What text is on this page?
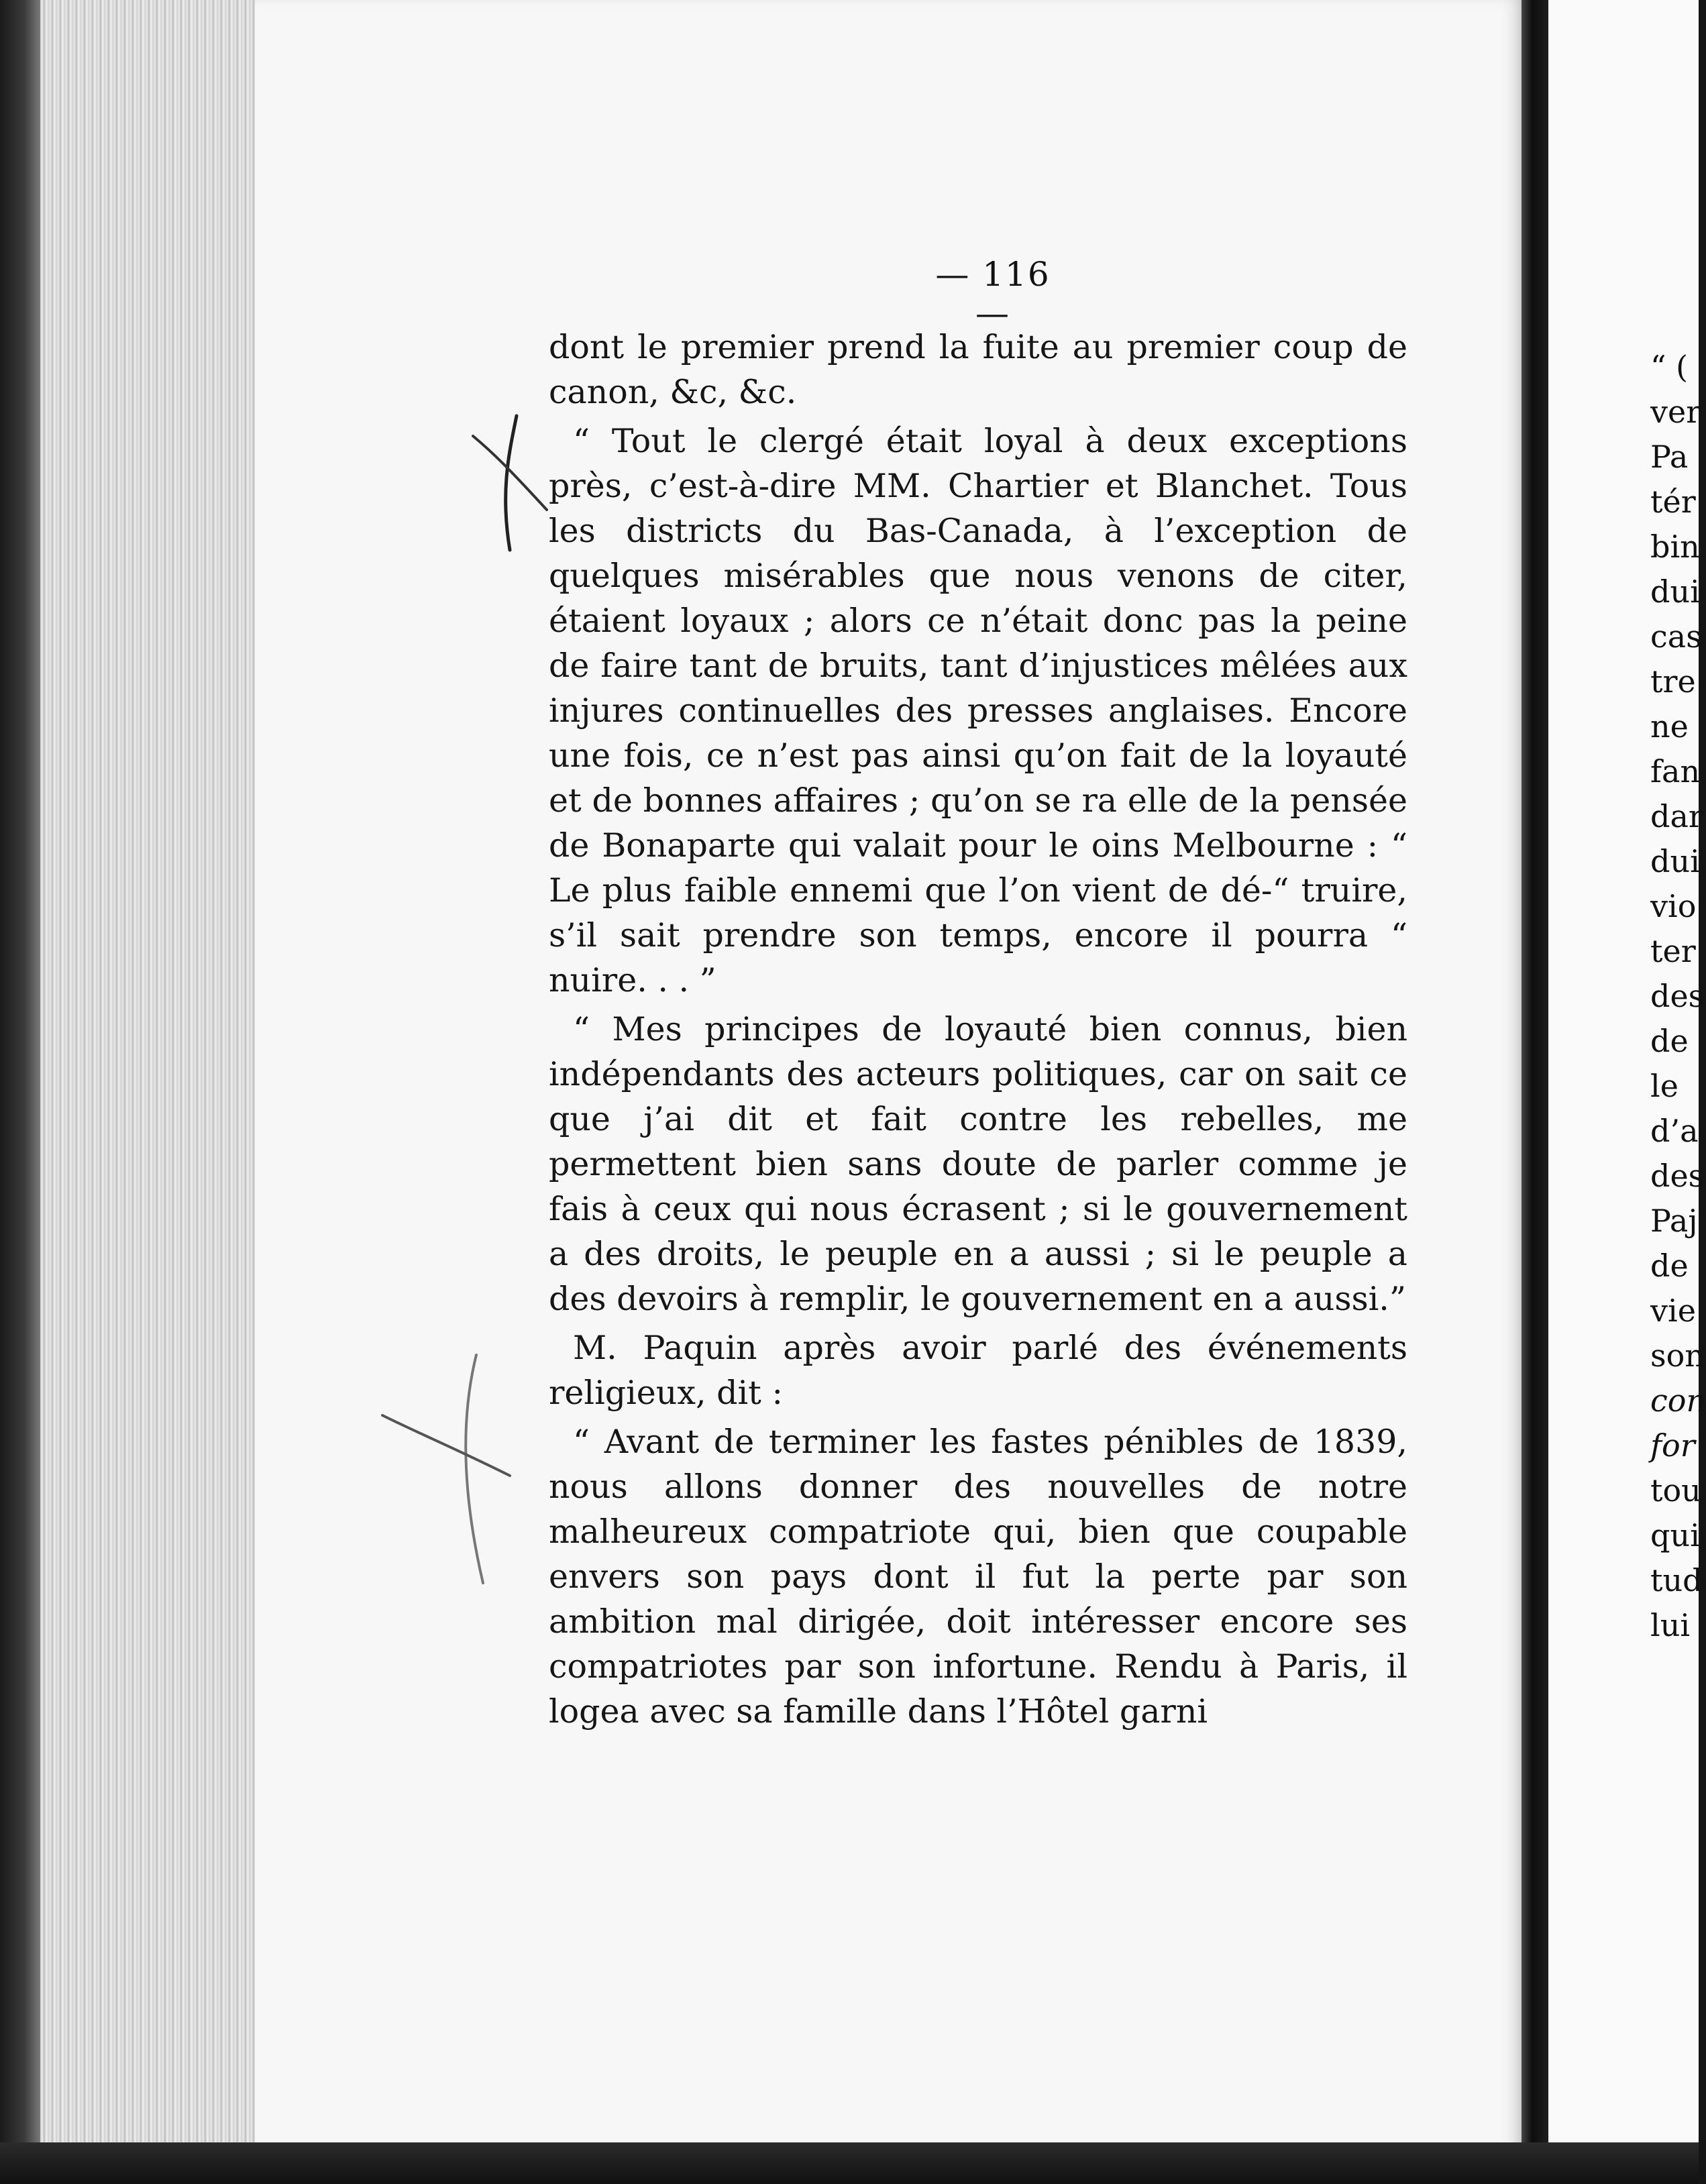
— 116 —

dont le premier prend la fuite au premier coup de canon, &c, &c.

“ Tout le clergé était loyal à deux exceptions près, c’est-à-dire MM. Chartier et Blanchet. Tous les districts du Bas-Canada, à l’exception de quelques misérables que nous venons de citer, étaient loyaux ; alors ce n’était donc pas la peine de faire tant de bruits, tant d’injustices mêlées aux injures continuelles des presses anglaises. Encore une fois, ce n’est pas ainsi qu’on fait de la loyauté et de bonnes affaires ; qu’on se ra elle de la pensée de Bonaparte qui valait pour le oins Melbourne : “ Le plus faible ennemi que l’on vient de dé-“ truire, s’il sait prendre son temps, encore il pourra “ nuire. . . ”

“ Mes principes de loyauté bien connus, bien indépendants des acteurs politiques, car on sait ce que j’ai dit et fait contre les rebelles, me permettent bien sans doute de parler comme je fais à ceux qui nous écrasent ; si le gouvernement a des droits, le peuple en a aussi ; si le peuple a des devoirs à remplir, le gouvernement en a aussi.”

M. Paquin après avoir parlé des événements religieux, dit :

“ Avant de terminer les fastes pénibles de 1839, nous allons donner des nouvelles de notre malheureux compatriote qui, bien que coupable envers son pays dont il fut la perte par son ambition mal dirigée, doit intéresser encore ses compatriotes par son infortune. Rendu à Paris, il logea avec sa famille dans l’Hôtel garni

“ (
ver
Pa
tér
bin
dui
cas
tre
ne
fan
dar
dui
vio
ter
des
de
le
d’a
des
Paj
de
vie
son
con
for
tou
qui
tud
lui
